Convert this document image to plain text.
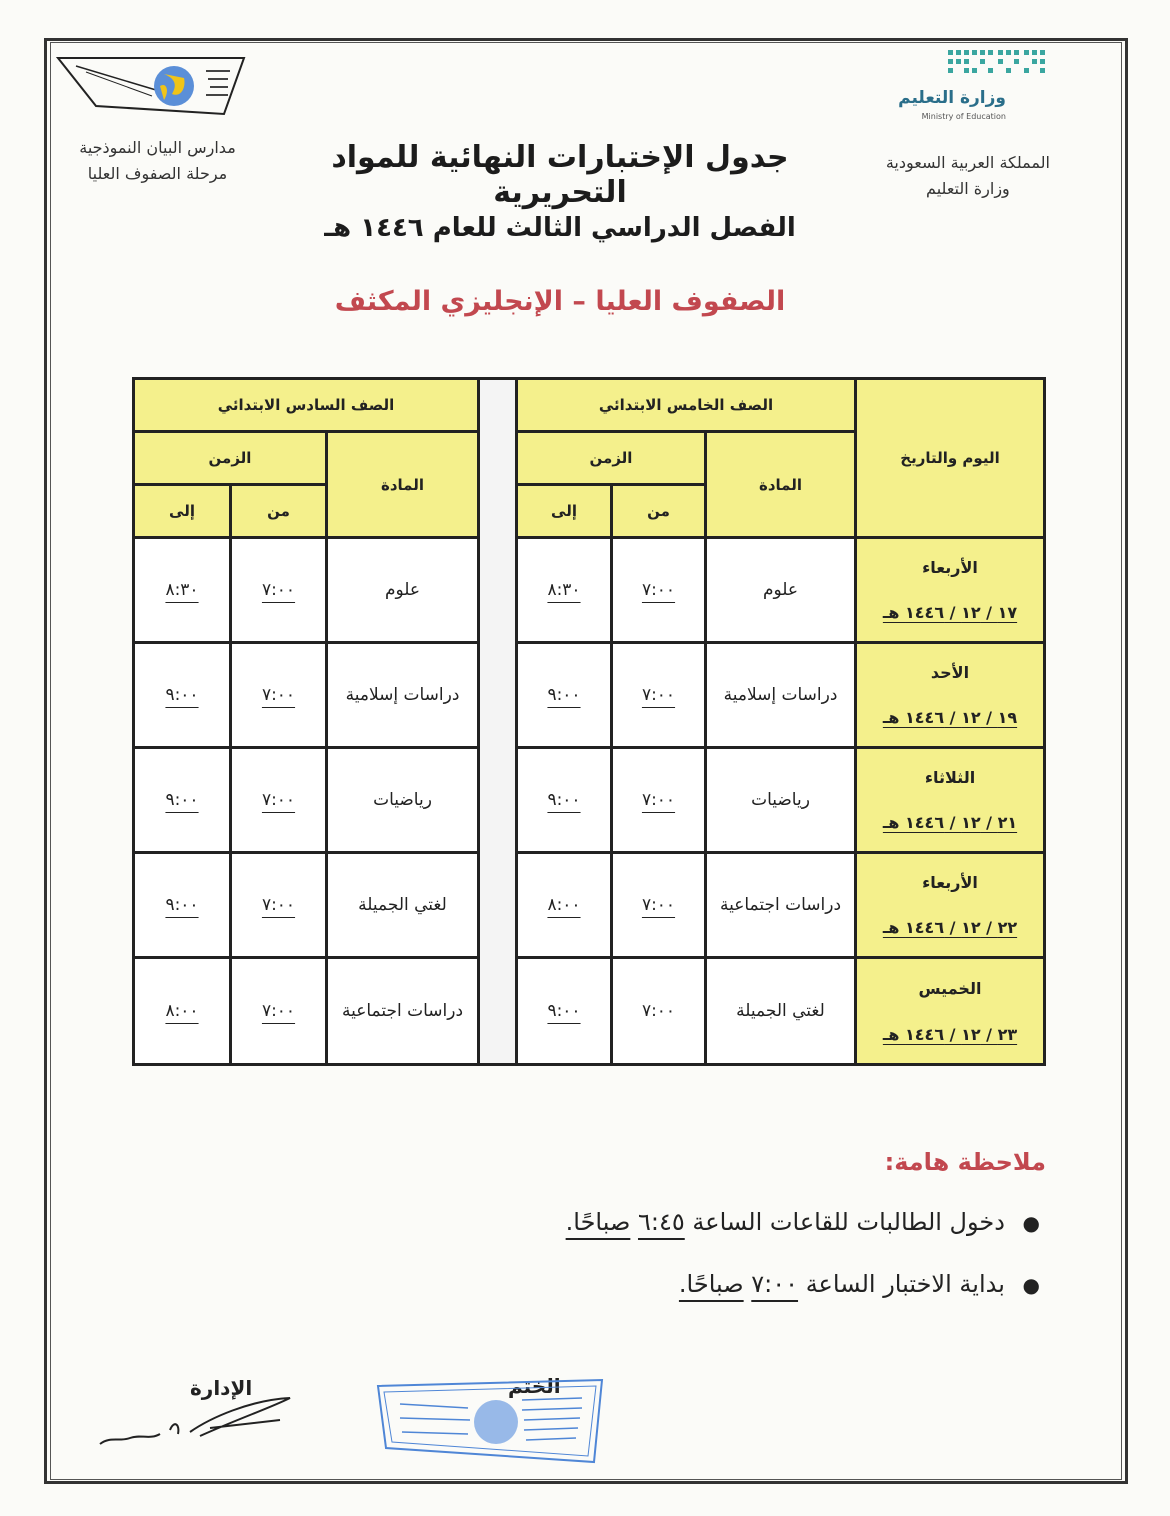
وزارة التعليم
Ministry of Education
المملكة العربية السعودية
وزارة التعليم
مدارس البيان النموذجية
مرحلة الصفوف العليا	جدول الإختبارات النهائية للمواد التحريرية
الفصل الدراسي الثالث للعام ١٤٤٦ هـ
الصفوف العليا – الإنجليزي المكثف
اليوم والتاريخ
الصف الخامس الابتدائي
المادة
الزمن
من
إلى
الصف السادس الابتدائي
المادة
الزمن
من
إلى
الأربعاء
١٧ / ١٢ / ١٤٤٦ هـ
علوم
٧:٠٠
٨:٣٠
علوم
٧:٠٠
٨:٣٠
الأحد
١٩ / ١٢ / ١٤٤٦ هـ
دراسات إسلامية
٧:٠٠
٩:٠٠
دراسات إسلامية
٧:٠٠
٩:٠٠
الثلاثاء
٢١ / ١٢ / ١٤٤٦ هـ
رياضيات
٧:٠٠
٩:٠٠
رياضيات
٧:٠٠
٩:٠٠
الأربعاء
٢٢ / ١٢ / ١٤٤٦ هـ
دراسات اجتماعية
٧:٠٠
٨:٠٠
لغتي الجميلة
٧:٠٠
٩:٠٠
الخميس
٢٣ / ١٢ / ١٤٤٦ هـ
لغتي الجميلة
٧:٠٠
٩:٠٠
دراسات اجتماعية
٧:٠٠
٨:٠٠
ملاحظة هامة:
● دخول الطالبات للقاعات الساعة ٦:٤٥ صباحًا.
● بداية الاختبار الساعة ٧:٠٠ صباحًا.
الإدارة	الختم
